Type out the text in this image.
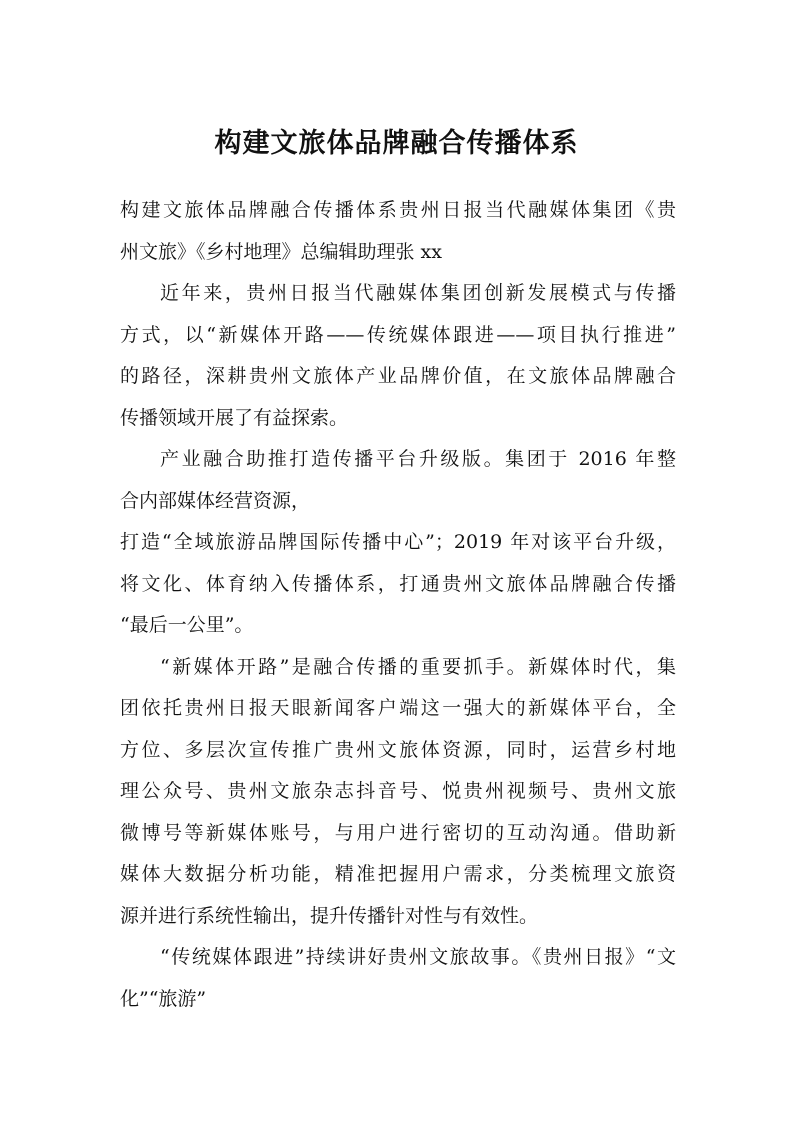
构建文旅体品牌融合传播体系
构建文旅体品牌融合传播体系贵州日报当代融媒体集团《贵
州文旅》《乡村地理》总编辑助理张 xx
近年来，贵州日报当代融媒体集团创新发展模式与传播
方式，以“新媒体开路——传统媒体跟进——项目执行推进”
的路径，深耕贵州文旅体产业品牌价值，在文旅体品牌融合
传播领域开展了有益探索。
产业融合助推打造传播平台升级版。集团于 2016 年整
合内部媒体经营资源，
打造“全域旅游品牌国际传播中心”；2019 年对该平台升级，
将文化、体育纳入传播体系，打通贵州文旅体品牌融合传播
“最后一公里”。
“新媒体开路”是融合传播的重要抓手。新媒体时代，集
团依托贵州日报天眼新闻客户端这一强大的新媒体平台，全
方位、多层次宣传推广贵州文旅体资源，同时，运营乡村地
理公众号、贵州文旅杂志抖音号、悦贵州视频号、贵州文旅
微博号等新媒体账号，与用户进行密切的互动沟通。借助新
媒体大数据分析功能，精准把握用户需求，分类梳理文旅资
源并进行系统性输出，提升传播针对性与有效性。
“传统媒体跟进”持续讲好贵州文旅故事。《贵州日报》“文
化”“旅游”
